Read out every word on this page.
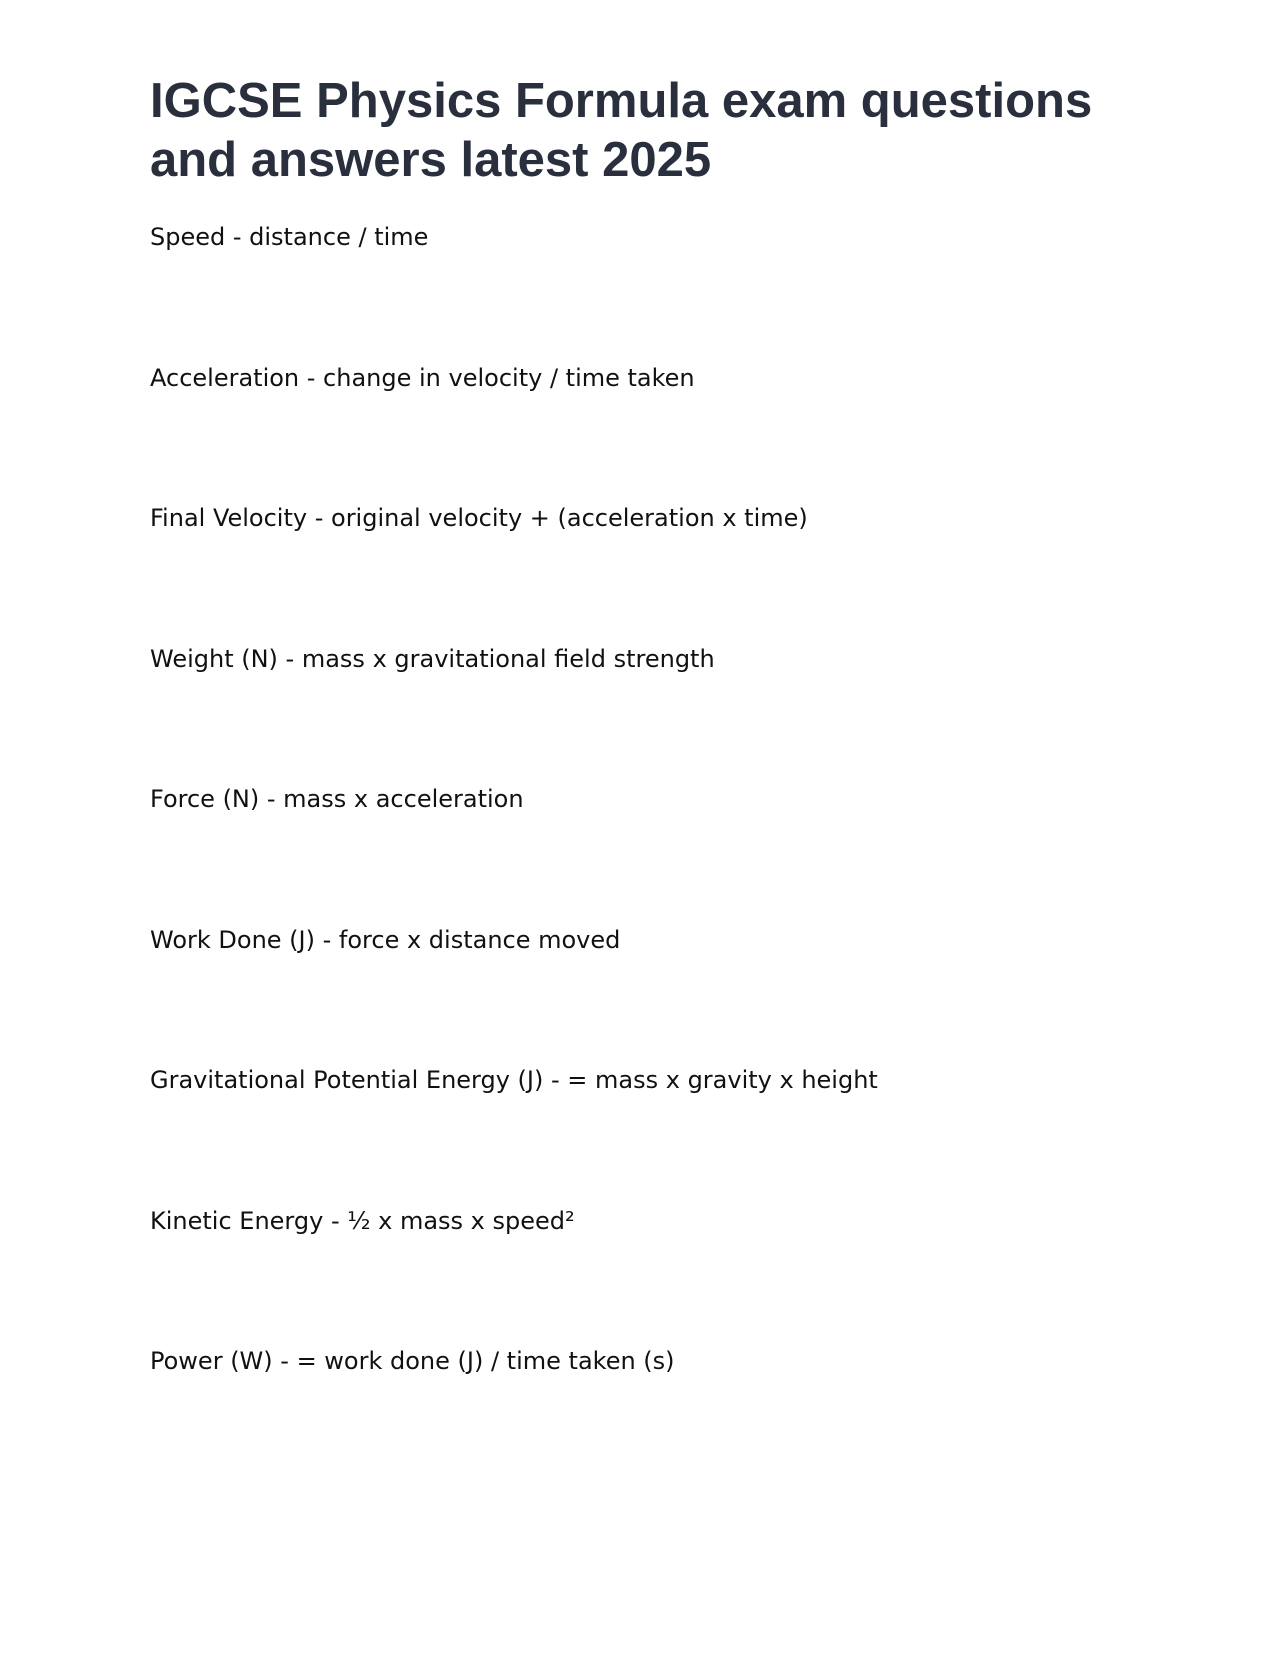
IGCSE Physics Formula exam questions and answers latest 2025
Speed - distance / time
Acceleration - change in velocity / time taken
Final Velocity - original velocity + (acceleration x time)
Weight (N) - mass x gravitational field strength
Force (N) - mass x acceleration
Work Done (J) - force x distance moved
Gravitational Potential Energy (J) - = mass x gravity x height
Kinetic Energy - ½ x mass x speed²
Power (W) - = work done (J) / time taken (s)
